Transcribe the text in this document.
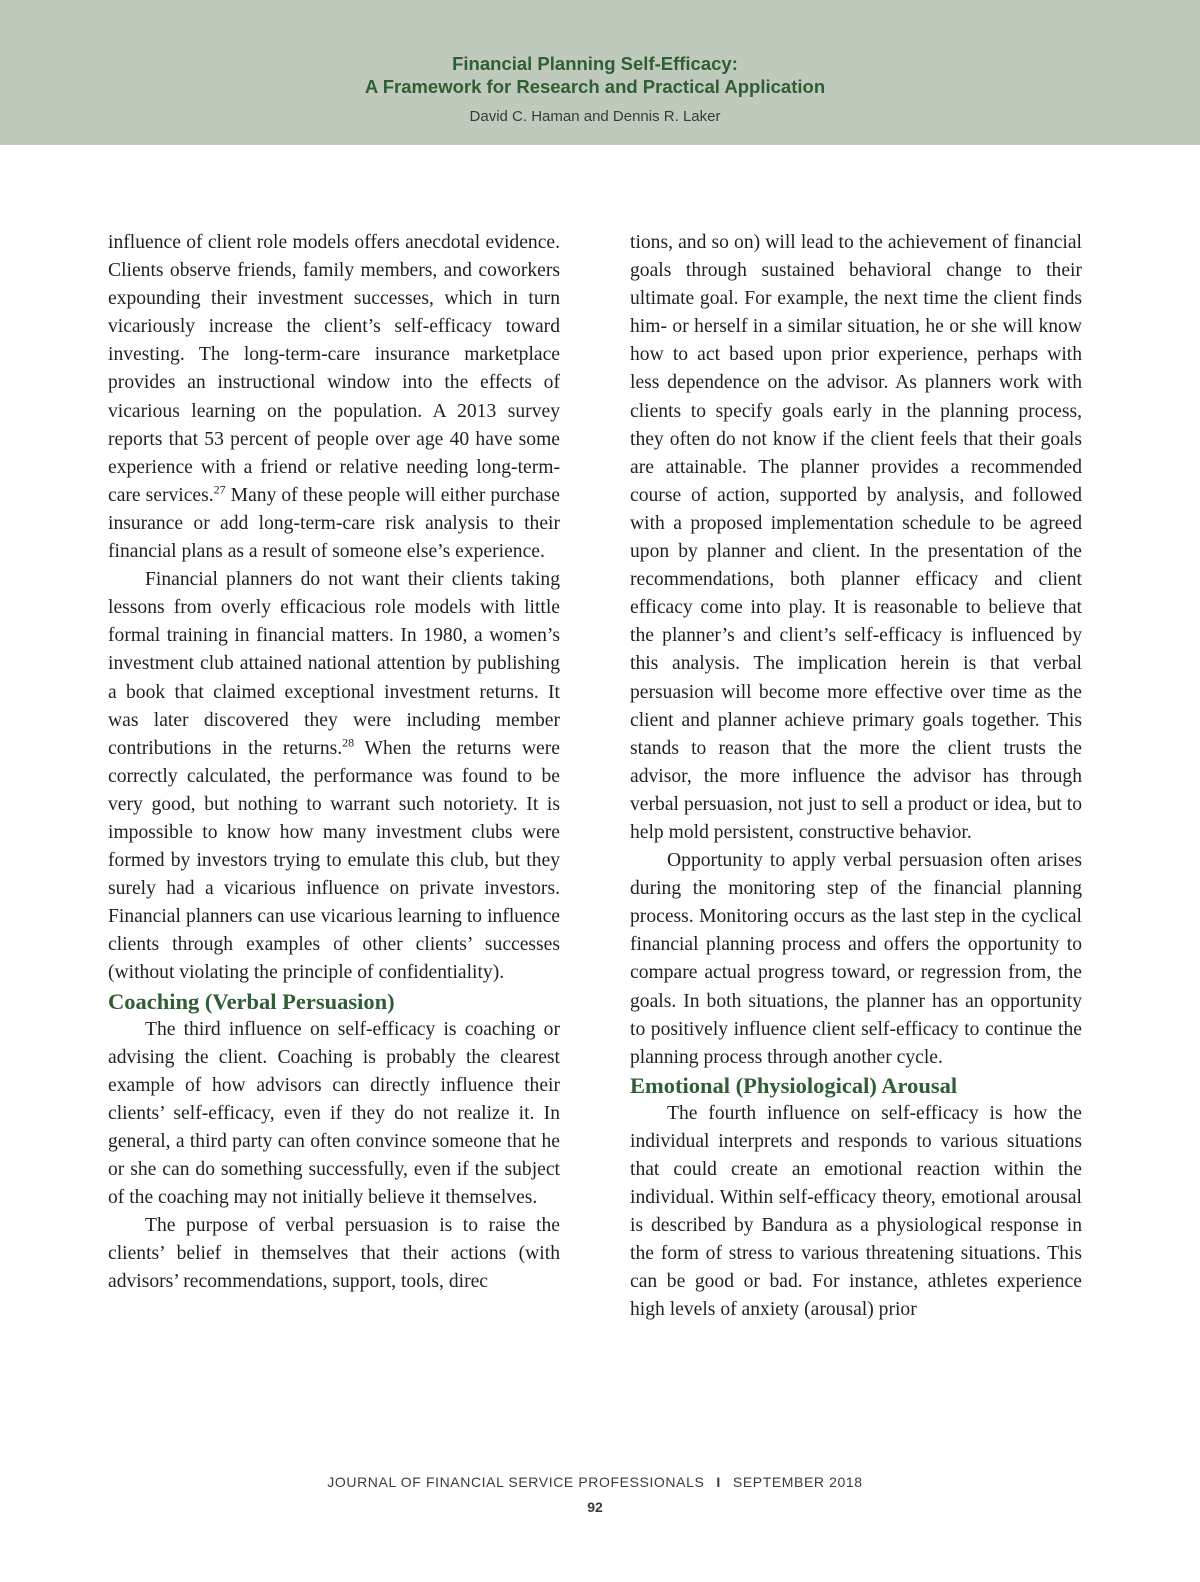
Financial Planning Self-Efficacy:
A Framework for Research and Practical Application
David C. Haman and Dennis R. Laker

influence of client role models offers anecdotal evidence. Clients observe friends, family members, and coworkers expounding their investment successes, which in turn vicariously increase the client’s self-efficacy toward investing. The long-term-care insurance marketplace provides an instructional window into the effects of vicarious learning on the population. A 2013 survey reports that 53 percent of people over age 40 have some experience with a friend or relative needing long-term-care services.$^{27}$ Many of these people will either purchase insurance or add long-term-care risk analysis to their financial plans as a result of someone else’s experience.

Financial planners do not want their clients taking lessons from overly efficacious role models with little formal training in financial matters. In 1980, a women’s investment club attained national attention by publishing a book that claimed exceptional investment returns. It was later discovered they were including member contributions in the returns.$^{28}$ When the returns were correctly calculated, the performance was found to be very good, but nothing to warrant such notoriety. It is impossible to know how many investment clubs were formed by investors trying to emulate this club, but they surely had a vicarious influence on private investors. Financial planners can use vicarious learning to influence clients through examples of other clients’ successes (without violating the principle of confidentiality).

Coaching (Verbal Persuasion)

The third influence on self-efficacy is coaching or advising the client. Coaching is probably the clearest example of how advisors can directly influence their clients’ self-efficacy, even if they do not realize it. In general, a third party can often convince someone that he or she can do something successfully, even if the subject of the coaching may not initially believe it themselves.

The purpose of verbal persuasion is to raise the clients’ belief in themselves that their actions (with advisors’ recommendations, support, tools, direc

tions, and so on) will lead to the achievement of financial goals through sustained behavioral change to their ultimate goal. For example, the next time the client finds him- or herself in a similar situation, he or she will know how to act based upon prior experience, perhaps with less dependence on the advisor. As planners work with clients to specify goals early in the planning process, they often do not know if the client feels that their goals are attainable. The planner provides a recommended course of action, supported by analysis, and followed with a proposed implementation schedule to be agreed upon by planner and client. In the presentation of the recommendations, both planner efficacy and client efficacy come into play. It is reasonable to believe that the planner’s and client’s self-efficacy is influenced by this analysis. The implication herein is that verbal persuasion will become more effective over time as the client and planner achieve primary goals together. This stands to reason that the more the client trusts the advisor, the more influence the advisor has through verbal persuasion, not just to sell a product or idea, but to help mold persistent, constructive behavior.

Opportunity to apply verbal persuasion often arises during the monitoring step of the financial planning process. Monitoring occurs as the last step in the cyclical financial planning process and offers the opportunity to compare actual progress toward, or regression from, the goals. In both situations, the planner has an opportunity to positively influence client self-efficacy to continue the planning process through another cycle.

Emotional (Physiological) Arousal

The fourth influence on self-efficacy is how the individual interprets and responds to various situations that could create an emotional reaction within the individual. Within self-efficacy theory, emotional arousal is described by Bandura as a physiological response in the form of stress to various threatening situations. This can be good or bad. For instance, athletes experience high levels of anxiety (arousal) prior

JOURNAL OF FINANCIAL SERVICE PROFESSIONALS I SEPTEMBER 2018
92
